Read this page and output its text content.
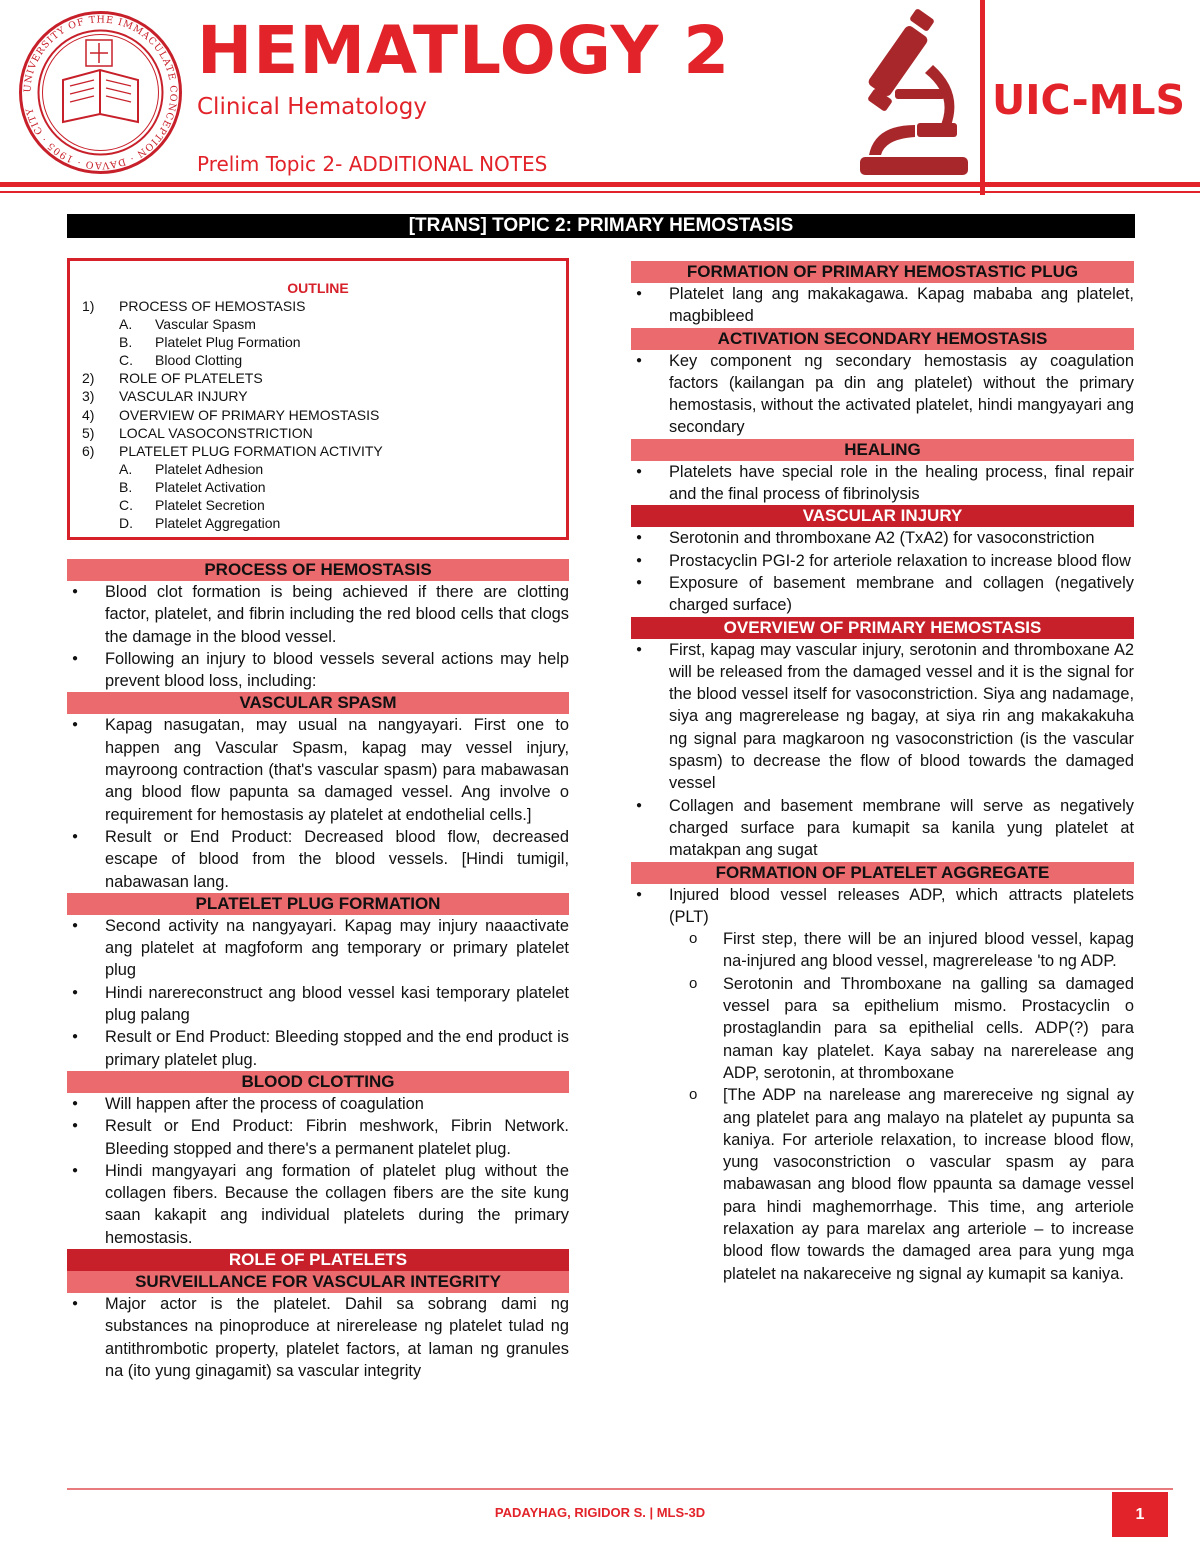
UNIVERSITY OF THE IMMACULATE CONCEPTION · DAVAO · 1905 · CITY
HEMATLOGY 2
Clinical Hematology
Prelim Topic 2- ADDITIONAL NOTES
UIC-MLS
[TRANS] TOPIC 2: PRIMARY HEMOSTASIS
OUTLINE
1)	PROCESS OF HEMOSTASIS
A.	Vascular Spasm
B.	Platelet Plug Formation
C.	Blood Clotting
2)	ROLE OF PLATELETS
3)	VASCULAR INJURY
4)	OVERVIEW OF PRIMARY HEMOSTASIS
5)	LOCAL VASOCONSTRICTION
6)	PLATELET PLUG FORMATION ACTIVITY
A.	Platelet Adhesion
B.	Platelet Activation
C.	Platelet Secretion
D.	Platelet Aggregation
PROCESS OF HEMOSTASIS
● Blood clot formation is being achieved if there are clotting factor, platelet, and fibrin including the red blood cells that clogs the damage in the blood vessel.
● Following an injury to blood vessels several actions may help prevent blood loss, including:
VASCULAR SPASM
● Kapag nasugatan, may usual na nangyayari. First one to happen ang Vascular Spasm, kapag may vessel injury, mayroong contraction (that's vascular spasm) para mabawasan ang blood flow papunta sa damaged vessel. Ang involve o requirement for hemostasis ay platelet at endothelial cells.]
● Result or End Product: Decreased blood flow, decreased escape of blood from the blood vessels. [Hindi tumigil, nabawasan lang.
PLATELET PLUG FORMATION
● Second activity na nangyayari. Kapag may injury naaactivate ang platelet at magfoform ang temporary or primary platelet plug
● Hindi narereconstruct ang blood vessel kasi temporary platelet plug palang
● Result or End Product: Bleeding stopped and the end product is primary platelet plug.
BLOOD CLOTTING
● Will happen after the process of coagulation
● Result or End Product: Fibrin meshwork, Fibrin Network. Bleeding stopped and there's a permanent platelet plug.
● Hindi mangyayari ang formation of platelet plug without the collagen fibers. Because the collagen fibers are the site kung saan kakapit ang individual platelets during the primary hemostasis.
ROLE OF PLATELETS
SURVEILLANCE FOR VASCULAR INTEGRITY
● Major actor is the platelet. Dahil sa sobrang dami ng substances na pinoproduce at nirerelease ng platelet tulad ng antithrombotic property, platelet factors, at laman ng granules na (ito yung ginagamit) sa vascular integrity
FORMATION OF PRIMARY HEMOSTASTIC PLUG
● Platelet lang ang makakagawa. Kapag mababa ang platelet, magbibleed
ACTIVATION SECONDARY HEMOSTASIS
● Key component ng secondary hemostasis ay coagulation factors (kailangan pa din ang platelet) without the primary hemostasis, without the activated platelet, hindi mangyayari ang secondary
HEALING
● Platelets have special role in the healing process, final repair and the final process of fibrinolysis
VASCULAR INJURY
● Serotonin and thromboxane A2 (TxA2) for vasoconstriction
● Prostacyclin PGI-2 for arteriole relaxation to increase blood flow
● Exposure of basement membrane and collagen (negatively charged surface)
OVERVIEW OF PRIMARY HEMOSTASIS
● First, kapag may vascular injury, serotonin and thromboxane A2 will be released from the damaged vessel and it is the signal for the blood vessel itself for vasoconstriction. Siya ang nadamage, siya ang magrerelease ng bagay, at siya rin ang makakakuha ng signal para magkaroon ng vasoconstriction (is the vascular spasm) to decrease the flow of blood towards the damaged vessel
● Collagen and basement membrane will serve as negatively charged surface para kumapit sa kanila yung platelet at matakpan ang sugat
FORMATION OF PLATELET AGGREGATE
● Injured blood vessel releases ADP, which attracts platelets (PLT)
o First step, there will be an injured blood vessel, kapag na-injured ang blood vessel, magrerelease 'to ng ADP.
o Serotonin and Thromboxane na galling sa damaged vessel para sa epithelium mismo. Prostacyclin o prostaglandin para sa epithelial cells. ADP(?) para naman kay platelet. Kaya sabay na narerelease ang ADP, serotonin, at thromboxane
o [The ADP na narelease ang marereceive ng signal ay ang platelet para ang malayo na platelet ay pupunta sa kaniya. For arteriole relaxation, to increase blood flow, yung vasoconstriction o vascular spasm ay para mabawasan ang blood flow ppaunta sa damage vessel para hindi maghemorrhage. This time, ang arteriole relaxation ay para marelax ang arteriole – to increase blood flow towards the damaged area para yung mga platelet na nakareceive ng signal ay kumapit sa kaniya.
PADAYHAG, RIGIDOR S. | MLS-3D	1
